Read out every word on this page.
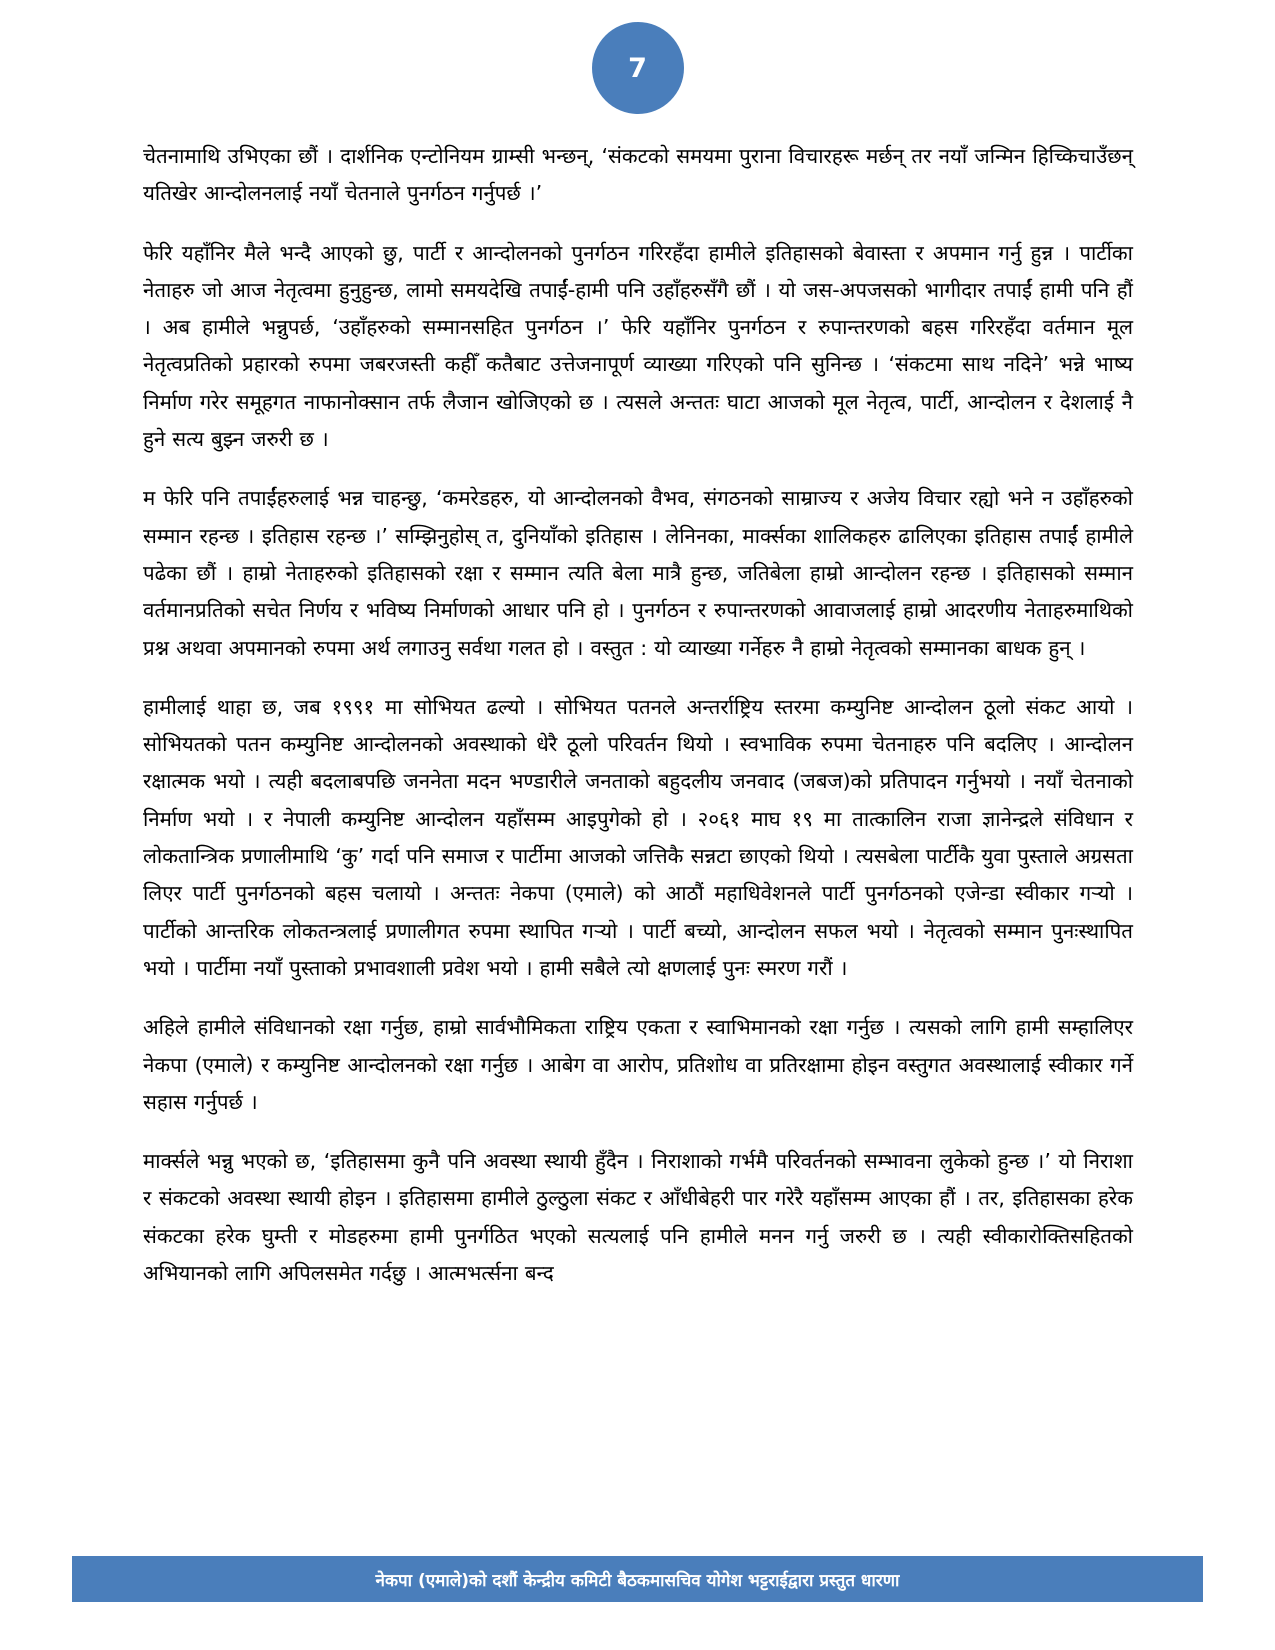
7

चेतनामाथि उभिएका छौं । दार्शनिक एन्टोनियम ग्राम्सी भन्छन्, ‘संकटको समयमा पुराना विचारहरू मर्छन् तर नयाँ जन्मिन हिच्किचाउँछन् यतिखेर आन्दोलनलाई नयाँ चेतनाले पुनर्गठन गर्नुपर्छ ।’

फेरि यहाँनिर मैले भन्दै आएको छु, पार्टी र आन्दोलनको पुनर्गठन गरिरहँदा हामीले इतिहासको बेवास्ता र अपमान गर्नु हुन्न । पार्टीका नेताहरु जो आज नेतृत्वमा हुनुहुन्छ, लामो समयदेखि तपाईं-हामी पनि उहाँहरुसँगै छौं । यो जस-अपजसको भागीदार तपाईं हामी पनि हौं । अब हामीले भन्नुपर्छ, ‘उहाँहरुको सम्मानसहित पुनर्गठन ।’ फेरि यहाँनिर पुनर्गठन र रुपान्तरणको बहस गरिरहँदा वर्तमान मूल नेतृत्वप्रतिको प्रहारको रुपमा जबरजस्ती कहीँ कतैबाट उत्तेजनापूर्ण व्याख्या गरिएको पनि सुनिन्छ । ‘संकटमा साथ नदिने’ भन्ने भाष्य निर्माण गरेर समूहगत नाफानोक्सान तर्फ लैजान खोजिएको छ । त्यसले अन्ततः घाटा आजको मूल नेतृत्व, पार्टी, आन्दोलन र देशलाई नै हुने सत्य बुझ्न जरुरी छ ।

म फेरि पनि तपाईंहरुलाई भन्न चाहन्छु, ‘कमरेडहरु, यो आन्दोलनको वैभव, संगठनको साम्राज्य र अजेय विचार रह्यो भने न उहाँहरुको सम्मान रहन्छ । इतिहास रहन्छ ।’ सम्झिनुहोस् त, दुनियाँको इतिहास । लेनिनका, मार्क्सका शालिकहरु ढालिएका इतिहास तपाईं हामीले पढेका छौं । हाम्रो नेताहरुको इतिहासको रक्षा र सम्मान त्यति बेला मात्रै हुन्छ, जतिबेला हाम्रो आन्दोलन रहन्छ । इतिहासको सम्मान वर्तमानप्रतिको सचेत निर्णय र भविष्य निर्माणको आधार पनि हो । पुनर्गठन र रुपान्तरणको आवाजलाई हाम्रो आदरणीय नेताहरुमाथिको प्रश्न अथवा अपमानको रुपमा अर्थ लगाउनु सर्वथा गलत हो । वस्तुत : यो व्याख्या गर्नेहरु नै हाम्रो नेतृत्वको सम्मानका बाधक हुन् ।

हामीलाई थाहा छ, जब १९९१ मा सोभियत ढल्यो । सोभियत पतनले अन्तर्राष्ट्रिय स्तरमा कम्युनिष्ट आन्दोलन ठूलो संकट आयो । सोभियतको पतन कम्युनिष्ट आन्दोलनको अवस्थाको धेरै ठूलो परिवर्तन थियो । स्वभाविक रुपमा चेतनाहरु पनि बदलिए । आन्दोलन रक्षात्मक भयो । त्यही बदलाबपछि जननेता मदन भण्डारीले जनताको बहुदलीय जनवाद (जबज)को प्रतिपादन गर्नुभयो । नयाँ चेतनाको निर्माण भयो । र नेपाली कम्युनिष्ट आन्दोलन यहाँसम्म आइपुगेको हो । २०६१ माघ १९ मा तात्कालिन राजा ज्ञानेन्द्रले संविधान र लोकतान्त्रिक प्रणालीमाथि ‘कु’ गर्दा पनि समाज र पार्टीमा आजको जत्तिकै सन्नटा छाएको थियो । त्यसबेला पार्टीकै युवा पुस्ताले अग्रसता लिएर पार्टी पुनर्गठनको बहस चलायो । अन्ततः नेकपा (एमाले) को आठौं महाधिवेशनले पार्टी पुनर्गठनको एजेन्डा स्वीकार गर्‍यो । पार्टीको आन्तरिक लोकतन्त्रलाई प्रणालीगत रुपमा स्थापित गर्‍यो । पार्टी बच्यो, आन्दोलन सफल भयो । नेतृत्वको सम्मान पुनःस्थापित भयो । पार्टीमा नयाँ पुस्ताको प्रभावशाली प्रवेश भयो । हामी सबैले त्यो क्षणलाई पुनः स्मरण गरौं ।

अहिले हामीले संविधानको रक्षा गर्नुछ, हाम्रो सार्वभौमिकता राष्ट्रिय एकता र स्वाभिमानको रक्षा गर्नुछ । त्यसको लागि हामी सम्हालिएर नेकपा (एमाले) र कम्युनिष्ट आन्दोलनको रक्षा गर्नुछ । आबेग वा आरोप, प्रतिशोध वा प्रतिरक्षामा होइन वस्तुगत अवस्थालाई स्वीकार गर्ने सहास गर्नुपर्छ ।

मार्क्सले भन्नु भएको छ, ‘इतिहासमा कुनै पनि अवस्था स्थायी हुँदैन । निराशाको गर्भमै परिवर्तनको सम्भावना लुकेको हुन्छ ।’ यो निराशा र संकटको अवस्था स्थायी होइन । इतिहासमा हामीले ठुल्ठुला संकट र आँधीबेहरी पार गरेरै यहाँसम्म आएका हौं । तर, इतिहासका हरेक संकटका हरेक घुम्ती र मोडहरुमा हामी पुनर्गठित भएको सत्यलाई पनि हामीले मनन गर्नु जरुरी छ । त्यही स्वीकारोक्तिसहितको अभियानको लागि अपिलसमेत गर्दछु । आत्मभर्त्सना बन्द

नेकपा (एमाले)को दशौं केन्द्रीय कमिटी बैठकमासचिव योगेश भट्टराईद्वारा प्रस्तुत धारणा
